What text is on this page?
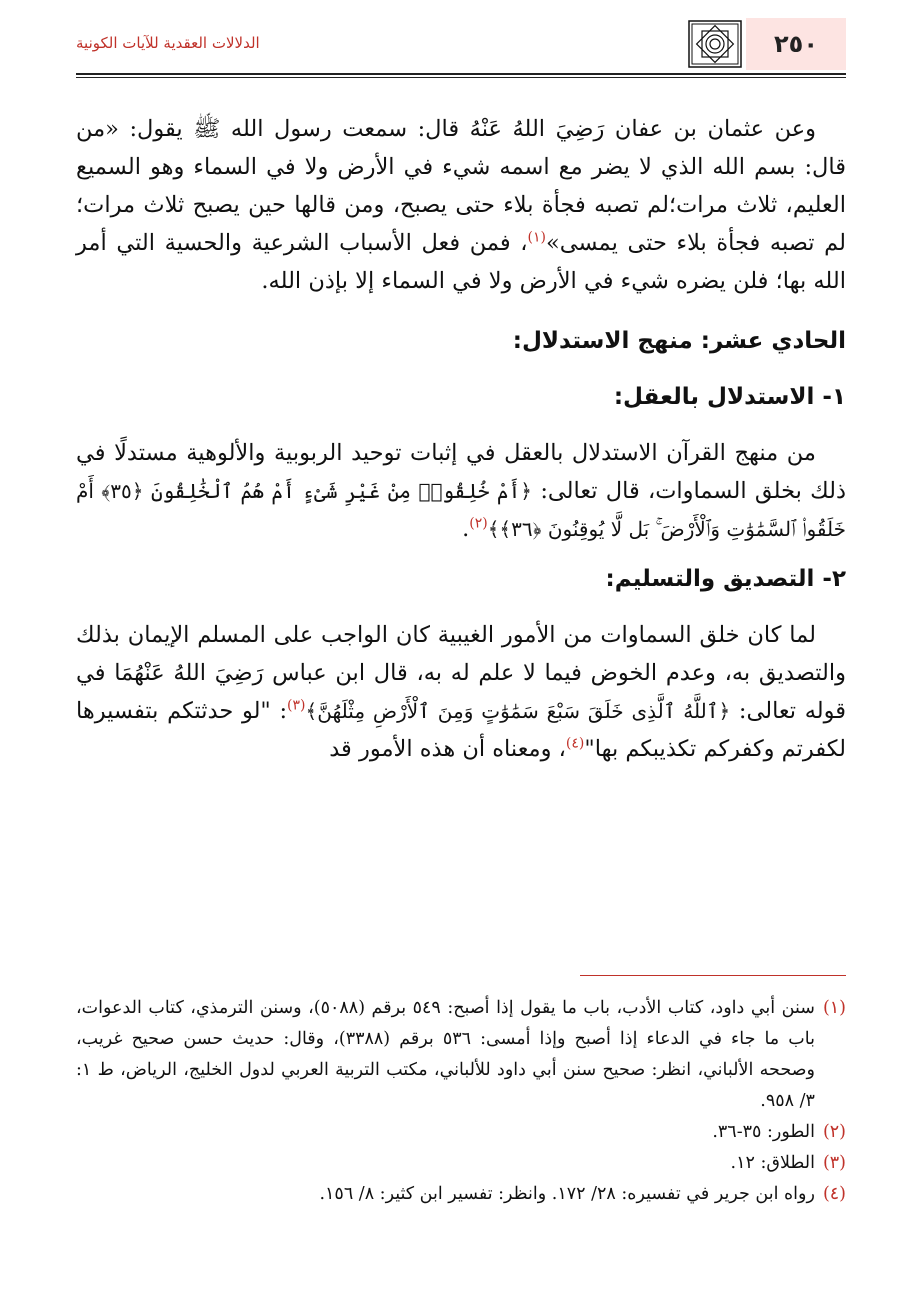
٢٥٠
الدلالات العقدية للآيات الكونية

وعن عثمان بن عفان رَضِيَ اللهُ عَنْهُ قال: سمعت رسول الله ﷺ يقول: «من قال: بسم الله الذي لا يضر مع اسمه شيء في الأرض ولا في السماء وهو السميع العليم، ثلاث مرات؛لم تصبه فجأة بلاء حتى يصبح، ومن قالها حين يصبح ثلاث مرات؛ لم تصبه فجأة بلاء حتى يمسى»$^{(١)}$، فمن فعل الأسباب الشرعية والحسية التي أمر الله بها؛ فلن يضره شيء في الأرض ولا في السماء إلا بإذن الله.

الحادي عشر: منهج الاستدلال:
١- الاستدلال بالعقل:

من منهج القرآن الاستدلال بالعقل في إثبات توحيد الربوبية والألوهية مستدلًا في ذلك بخلق السماوات، قال تعالى: ﴿أَمْ خُلِقُوا۟ مِنْ غَيْرِ شَىْءٍ أَمْ هُمُ ٱلْخَٰلِقُونَ ﴿٣٥﴾ أَمْ خَلَقُوا۟ ٱلسَّمَٰوَٰتِ وَٱلْأَرْضَ ۚ بَل لَّا يُوقِنُونَ ﴿٣٦﴾﴾$^{(٢)}$.

٢- التصديق والتسليم:

لما كان خلق السماوات من الأمور الغيبية كان الواجب على المسلم الإيمان بذلك والتصديق به، وعدم الخوض فيما لا علم له به، قال ابن عباس رَضِيَ اللهُ عَنْهُمَا في قوله تعالى: ﴿ٱللَّهُ ٱلَّذِى خَلَقَ سَبْعَ سَمَٰوَٰتٍ وَمِنَ ٱلْأَرْضِ مِثْلَهُنَّ﴾$^{(٣)}$: "لو حدثتكم بتفسيرها لكفرتم وكفركم تكذيبكم بها"$^{(٤)}$، ومعناه أن هذه الأمور قد

(١)
سنن أبي داود، كتاب الأدب، باب ما يقول إذا أصبح: ٥٤٩ برقم (٥٠٨٨)، وسنن الترمذي، كتاب الدعوات، باب ما جاء في الدعاء إذا أصبح وإذا أمسى: ٥٣٦ برقم (٣٣٨٨)، وقال: حديث حسن صحيح غريب، وصححه الألباني، انظر: صحيح سنن أبي داود للألباني، مكتب التربية العربي لدول الخليج، الرياض، ط ١: ٣/ ٩٥٨.
(٢)
الطور: ٣٥-٣٦.
(٣)
الطلاق: ١٢.
(٤)
رواه ابن جرير في تفسيره: ٢٨/ ١٧٢. وانظر: تفسير ابن كثير: ٨/ ١٥٦.
